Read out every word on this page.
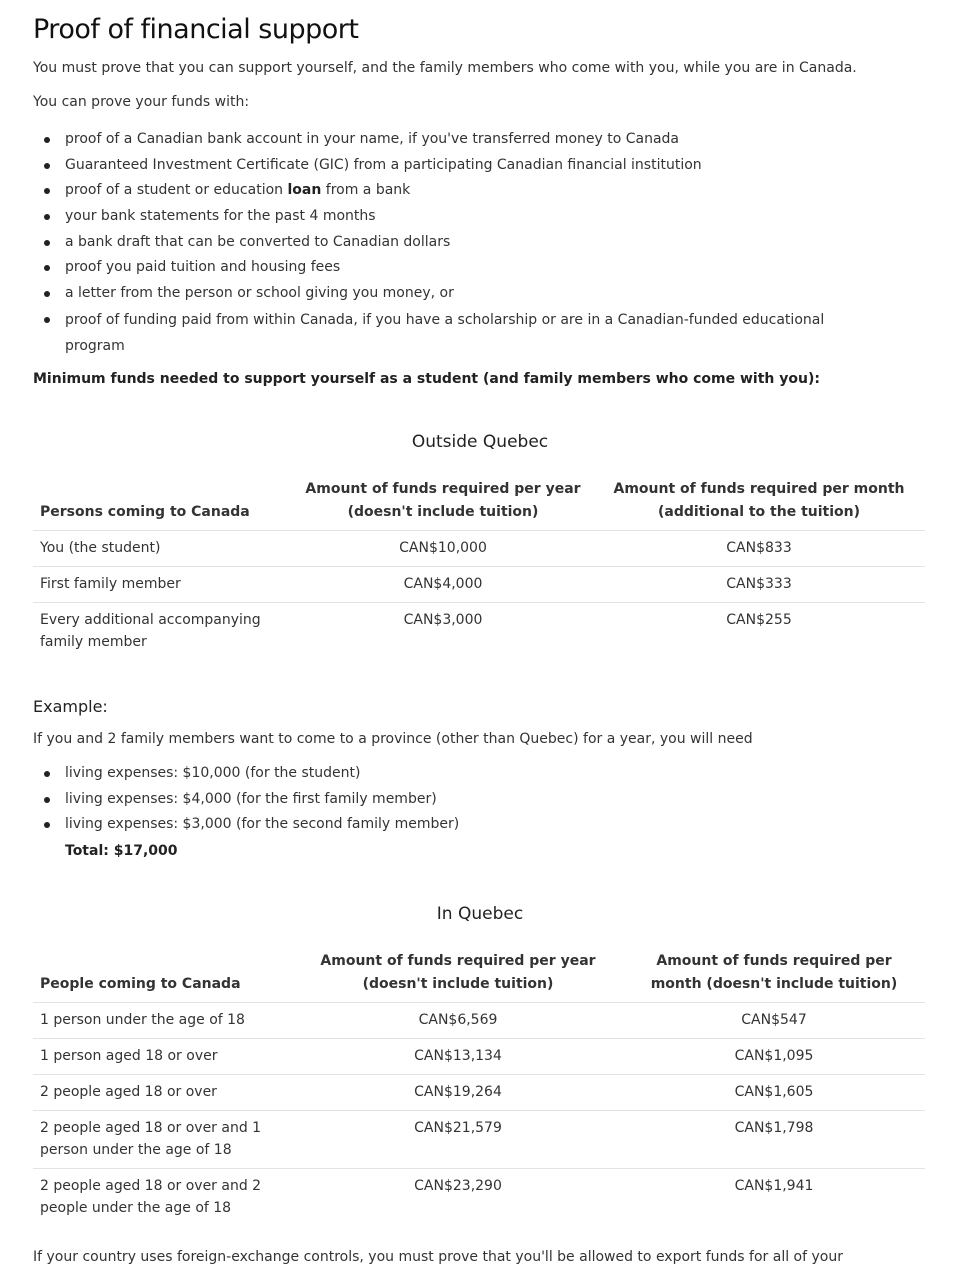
Proof of financial support

You must prove that you can support yourself, and the family members who come with you, while you are in Canada.

You can prove your funds with:

proof of a Canadian bank account in your name, if you've transferred money to Canada
Guaranteed Investment Certificate (GIC) from a participating Canadian financial institution
proof of a student or education loan from a bank
your bank statements for the past 4 months
a bank draft that can be converted to Canadian dollars
proof you paid tuition and housing fees
a letter from the person or school giving you money, or
proof of funding paid from within Canada, if you have a scholarship or are in a Canadian-funded educational program

Minimum funds needed to support yourself as a student (and family members who come with you):

Outside Quebec
Persons coming to Canada	Amount of funds required per year (doesn't include tuition)	Amount of funds required per month (additional to the tuition)
You (the student)	CAN$10,000	CAN$833
First family member	CAN$4,000	CAN$333
Every additional accompanying family member	CAN$3,000	CAN$255
Example:

If you and 2 family members want to come to a province (other than Quebec) for a year, you will need

living expenses: $10,000 (for the student)
living expenses: $4,000 (for the first family member)
living expenses: $3,000 (for the second family member)
Total: $17,000
In Quebec
People coming to Canada	Amount of funds required per year (doesn't include tuition)	Amount of funds required per month (doesn't include tuition)
1 person under the age of 18	CAN$6,569	CAN$547
1 person aged 18 or over	CAN$13,134	CAN$1,095
2 people aged 18 or over	CAN$19,264	CAN$1,605
2 people aged 18 or over and 1 person under the age of 18	CAN$21,579	CAN$1,798
2 people aged 18 or over and 2 people under the age of 18	CAN$23,290	CAN$1,941

If your country uses foreign-exchange controls, you must prove that you'll be allowed to export funds for all of your
